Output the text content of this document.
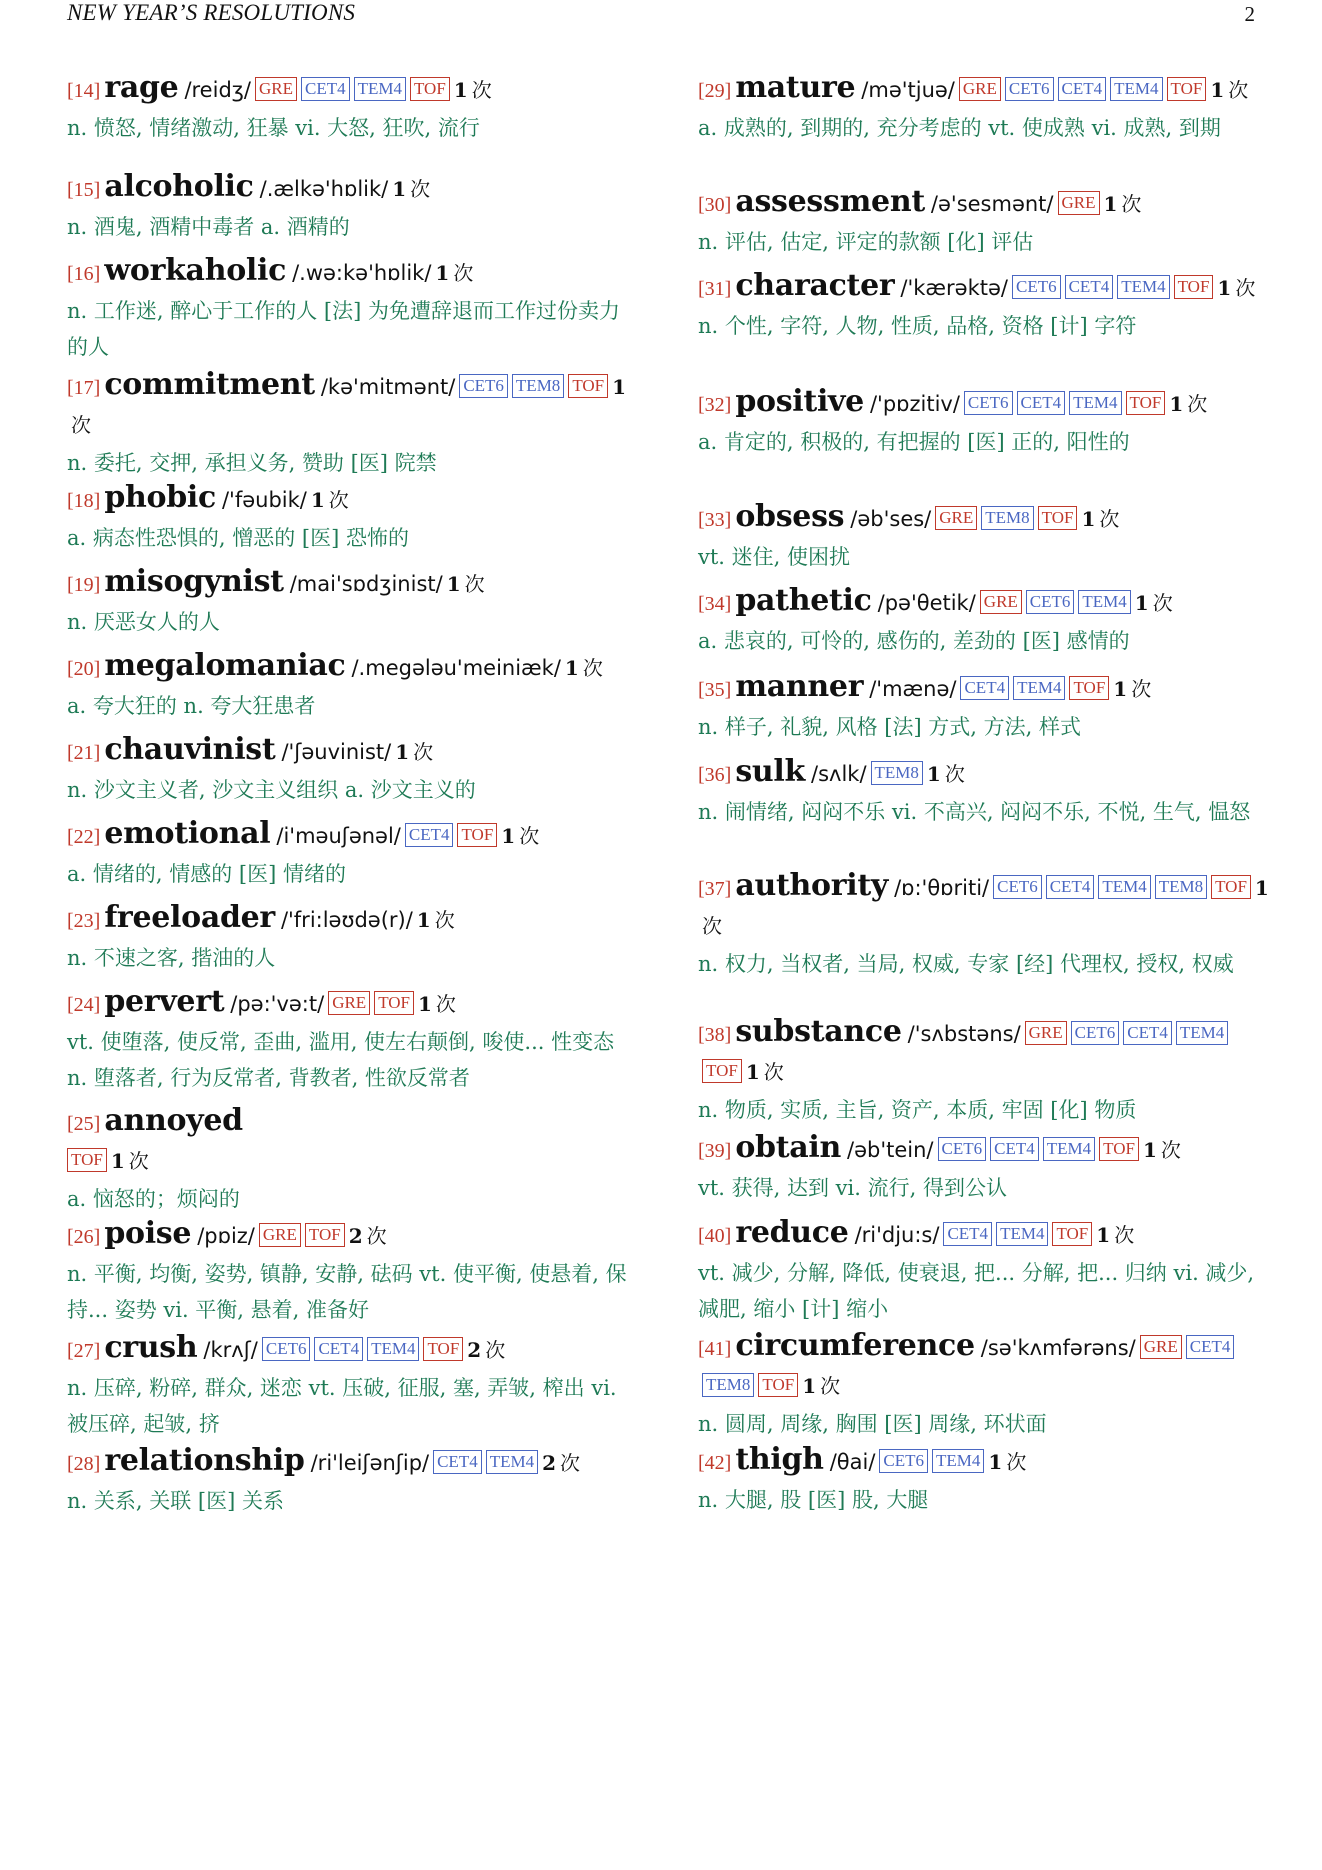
NEW YEAR’S RESOLUTIONS	2
[14] rage /reidʒ/ GRE CET4 TEM4 TOF 1 次
n. 愤怒, 情绪激动, 狂暴 vi. 大怒, 狂吹, 流行
[15] alcoholic /.ælkə'hɒlik/ 1 次
n. 酒鬼, 酒精中毒者 a. 酒精的
[16] workaholic /.wə:kə'hɒlik/ 1 次
n. 工作迷, 醉心于工作的人 [法] 为免遭辞退而工作过份卖力的人
[17] commitment /kə'mitmənt/ CET6 TEM8 TOF 1次
n. 委托, 交押, 承担义务, 赞助 [医] 院禁
[18] phobic /'fəubik/ 1 次
a. 病态性恐惧的, 憎恶的 [医] 恐怖的
[19] misogynist /mai'sɒdʒinist/ 1 次
n. 厌恶女人的人
[20] megalomaniac /.megələu'meiniæk/ 1 次
a. 夸大狂的 n. 夸大狂患者
[21] chauvinist /'ʃəuvinist/ 1 次
n. 沙文主义者, 沙文主义组织 a. 沙文主义的
[22] emotional /i'məuʃənəl/ CET4 TOF 1 次
a. 情绪的, 情感的 [医] 情绪的
[23] freeloader /'fri:ləʊdə(r)/ 1 次
n. 不速之客, 揩油的人
[24] pervert /pə:'və:t/ GRE TOF 1 次
vt. 使堕落, 使反常, 歪曲, 滥用, 使左右颠倒, 唆使... 性变态 n. 堕落者, 行为反常者, 背教者, 性欲反常者
[25] annoyed
TOF 1 次
a. 恼怒的；烦闷的
[26] poise /pɒiz/ GRE TOF 2 次
n. 平衡, 均衡, 姿势, 镇静, 安静, 砝码 vt. 使平衡, 使悬着, 保持... 姿势 vi. 平衡, 悬着, 准备好
[27] crush /krʌʃ/ CET6 CET4 TEM4 TOF 2 次
n. 压碎, 粉碎, 群众, 迷恋 vt. 压破, 征服, 塞, 弄皱, 榨出 vi. 被压碎, 起皱, 挤
[28] relationship /ri'leiʃənʃip/ CET4 TEM4 2 次
n. 关系, 关联 [医] 关系
[29] mature /mə'tjuə/ GRE CET6 CET4 TEM4 TOF 1 次
a. 成熟的, 到期的, 充分考虑的 vt. 使成熟 vi. 成熟, 到期
[30] assessment /ə'sesmənt/ GRE 1 次
n. 评估, 估定, 评定的款额 [化] 评估
[31] character /'kærəktə/ CET6 CET4 TEM4 TOF 1 次
n. 个性, 字符, 人物, 性质, 品格, 资格 [计] 字符
[32] positive /'pɒzitiv/ CET6 CET4 TEM4 TOF 1 次
a. 肯定的, 积极的, 有把握的 [医] 正的, 阳性的
[33] obsess /əb'ses/ GRE TEM8 TOF 1 次
vt. 迷住, 使困扰
[34] pathetic /pə'θetik/ GRE CET6 TEM4 1 次
a. 悲哀的, 可怜的, 感伤的, 差劲的 [医] 感情的
[35] manner /'mænə/ CET4 TEM4 TOF 1 次
n. 样子, 礼貌, 风格 [法] 方式, 方法, 样式
[36] sulk /sʌlk/ TEM8 1 次
n. 闹情绪, 闷闷不乐 vi. 不高兴, 闷闷不乐, 不悦, 生气, 愠怒
[37] authority /ɒ:'θɒriti/ CET6 CET4 TEM4 TEM8 TOF 1次
n. 权力, 当权者, 当局, 权威, 专家 [经] 代理权, 授权, 权威
[38] substance /'sʌbstəns/ GRE CET6 CET4 TEM4TOF 1 次
n. 物质, 实质, 主旨, 资产, 本质, 牢固 [化] 物质
[39] obtain /əb'tein/ CET6 CET4 TEM4 TOF 1 次
vt. 获得, 达到 vi. 流行, 得到公认
[40] reduce /ri'dju:s/ CET4 TEM4 TOF 1 次
vt. 减少, 分解, 降低, 使衰退, 把... 分解, 把... 归纳 vi. 减少, 减肥, 缩小 [计] 缩小
[41] circumference /sə'kʌmfərəns/ GRE CET4TEM8 TOF 1 次
n. 圆周, 周缘, 胸围 [医] 周缘, 环状面
[42] thigh /θai/ CET6 TEM4 1 次
n. 大腿, 股 [医] 股, 大腿
